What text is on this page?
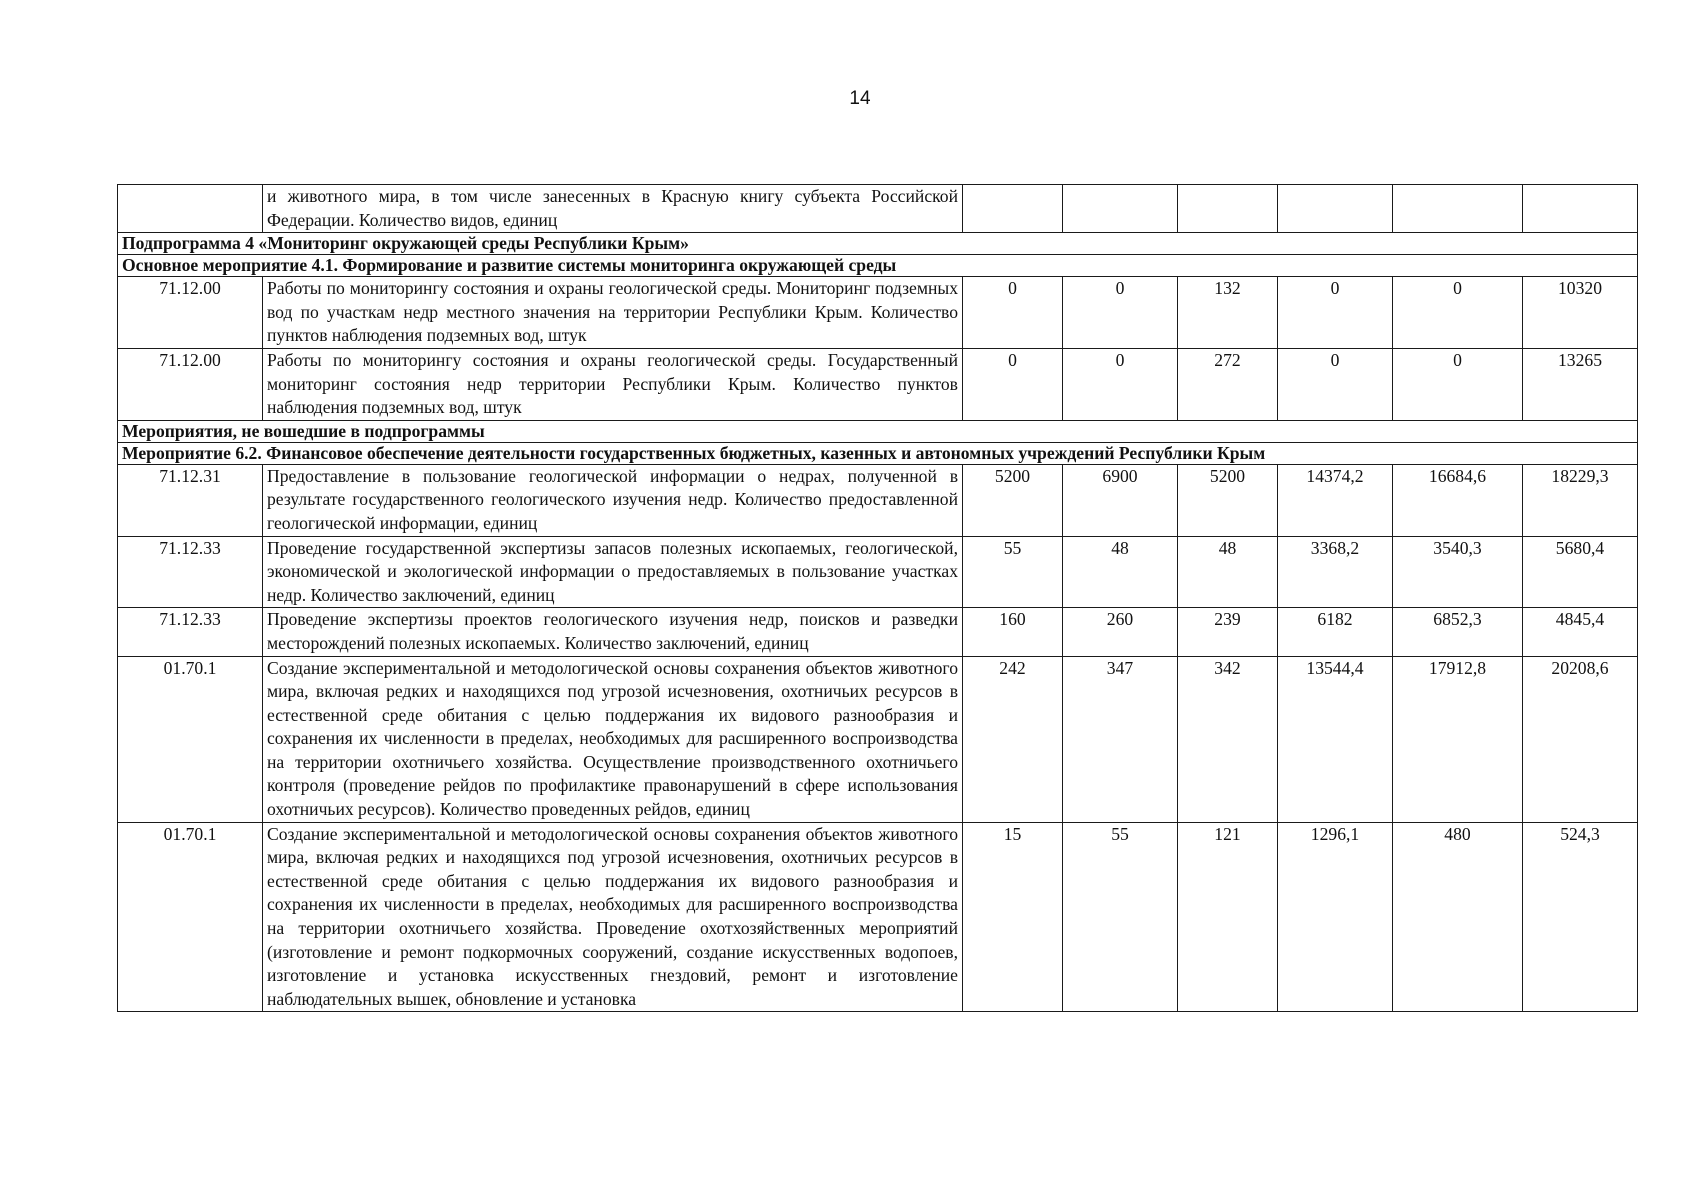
14
	и животного мира, в том числе занесенных в Красную книгу субъекта Российской Федерации. Количество видов, единиц						
Подпрограмма 4 «Мониторинг окружающей среды Республики Крым»							
Основное мероприятие 4.1. Формирование и развитие системы мониторинга окружающей среды							
71.12.00	Работы по мониторингу состояния и охраны геологической среды. Мониторинг подземных вод по участкам недр местного значения на территории Республики Крым. Количество пунктов наблюдения подземных вод, штук	0	0	132	0	0	10320
71.12.00	Работы по мониторингу состояния и охраны геологической среды. Государственный мониторинг состояния недр территории Республики Крым. Количество пунктов наблюдения подземных вод, штук	0	0	272	0	0	13265
Мероприятия, не вошедшие в подпрограммы							
Мероприятие 6.2. Финансовое обеспечение деятельности государственных бюджетных, казенных и автономных учреждений Республики Крым							
71.12.31	Предоставление в пользование геологической информации о недрах, полученной в результате государственного геологического изучения недр. Количество предоставленной геологической информации, единиц	5200	6900	5200	14374,2	16684,6	18229,3
71.12.33	Проведение государственной экспертизы запасов полезных ископаемых, геологической, экономической и экологической информации о предоставляемых в пользование участках недр. Количество заключений, единиц	55	48	48	3368,2	3540,3	5680,4
71.12.33	Проведение экспертизы проектов геологического изучения недр, поисков и разведки месторождений полезных ископаемых. Количество заключений, единиц	160	260	239	6182	6852,3	4845,4
01.70.1	Создание экспериментальной и методологической основы сохранения объектов животного мира, включая редких и находящихся под угрозой исчезновения, охотничьих ресурсов в естественной среде обитания с целью поддержания их видового разнообразия и сохранения их численности в пределах, необходимых для расширенного воспроизводства на территории охотничьего хозяйства. Осуществление производственного охотничьего контроля (проведение рейдов по профилактике правонарушений в сфере использования охотничьих ресурсов). Количество проведенных рейдов, единиц	242	347	342	13544,4	17912,8	20208,6
01.70.1	Создание экспериментальной и методологической основы сохранения объектов животного мира, включая редких и находящихся под угрозой исчезновения, охотничьих ресурсов в естественной среде обитания с целью поддержания их видового разнообразия и сохранения их численности в пределах, необходимых для расширенного воспроизводства на территории охотничьего хозяйства. Проведение охотхозяйственных мероприятий (изготовление и ремонт подкормочных сооружений, создание искусственных водопоев, изготовление и установка искусственных гнездовий, ремонт и изготовление наблюдательных вышек, обновление и установка	15	55	121	1296,1	480	524,3
